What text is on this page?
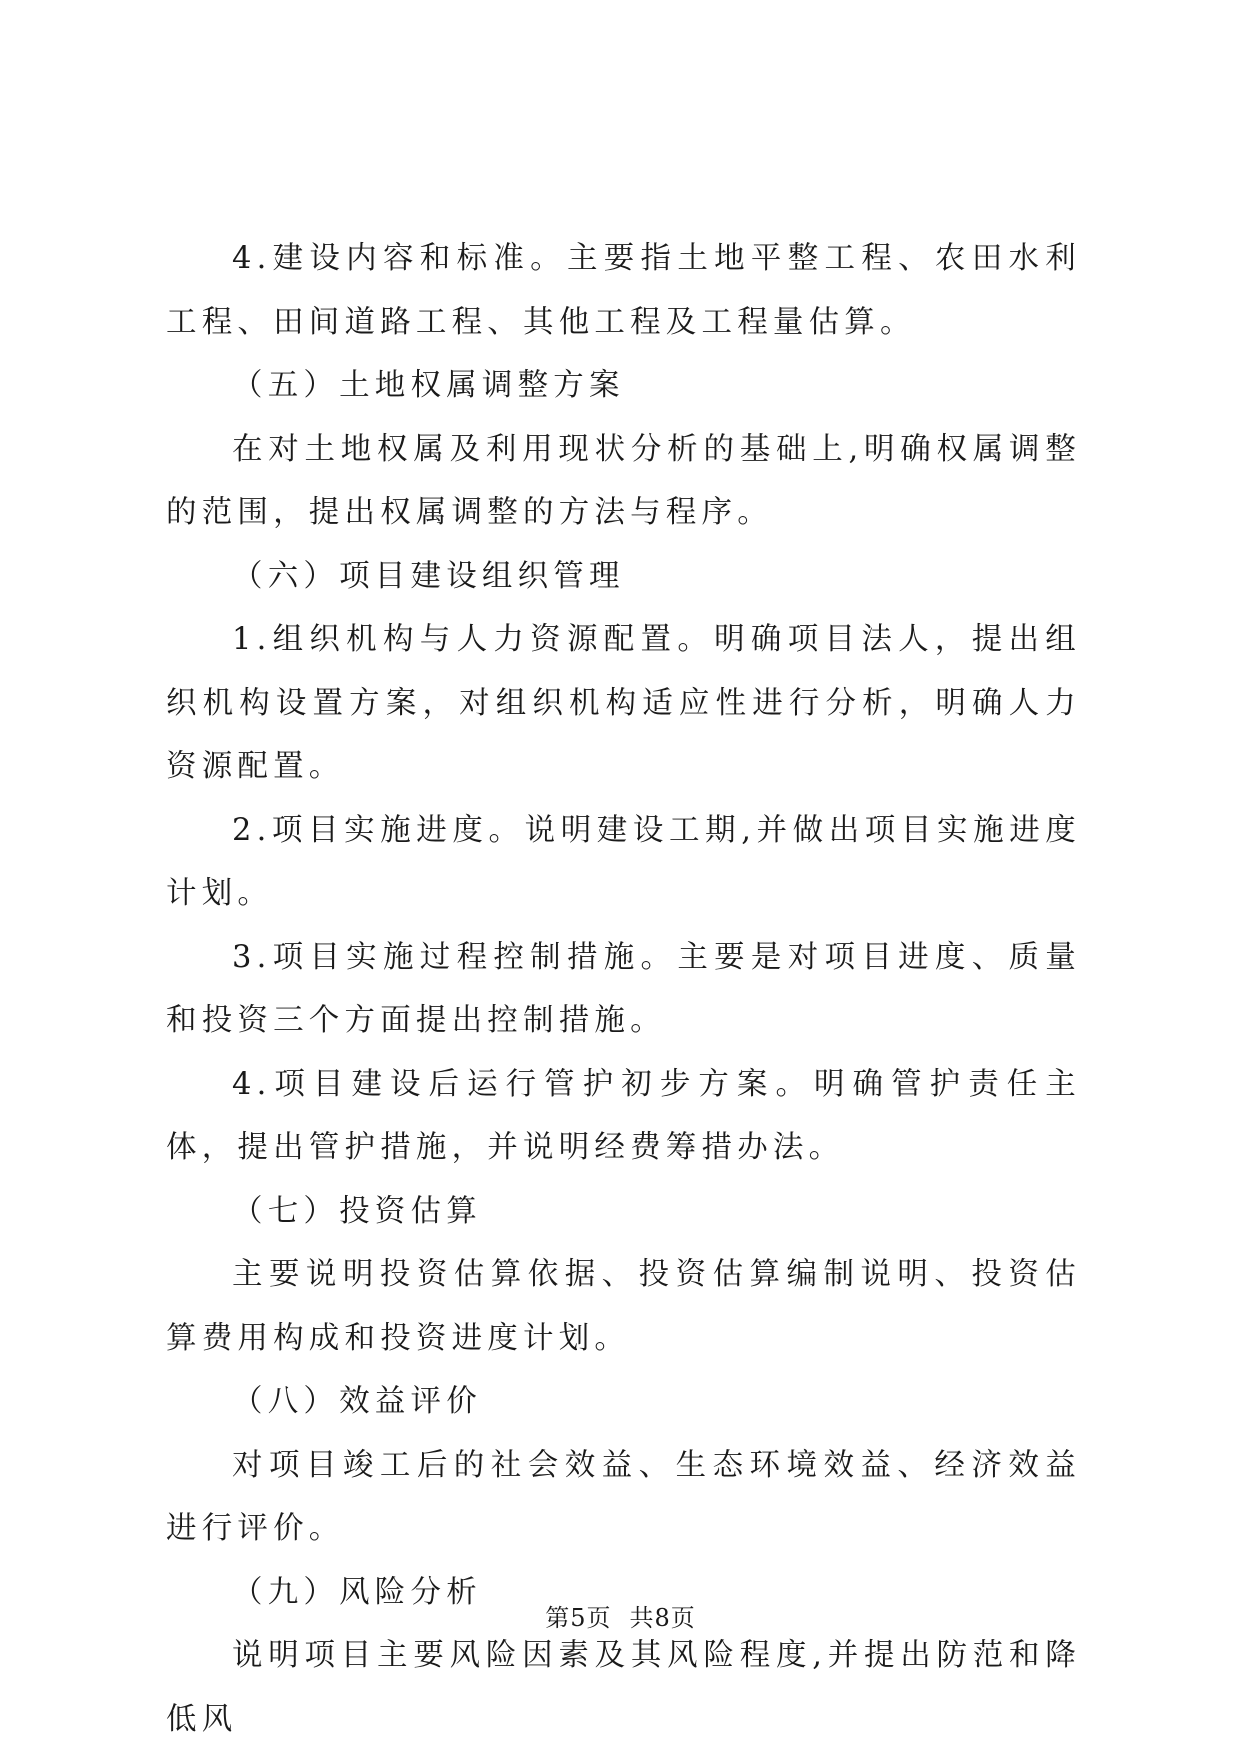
4.建设内容和标准。主要指土地平整工程、农田水利工程、田间道路工程、其他工程及工程量估算。

（五）土地权属调整方案

在对土地权属及利用现状分析的基础上,明确权属调整的范围，提出权属调整的方法与程序。

（六）项目建设组织管理

1.组织机构与人力资源配置。明确项目法人，提出组织机构设置方案，对组织机构适应性进行分析，明确人力资源配置。

2.项目实施进度。说明建设工期,并做出项目实施进度计划。

3.项目实施过程控制措施。主要是对项目进度、质量和投资三个方面提出控制措施。

4.项目建设后运行管护初步方案。明确管护责任主体，提出管护措施，并说明经费筹措办法。

（七）投资估算

主要说明投资估算依据、投资估算编制说明、投资估算费用构成和投资进度计划。

（八）效益评价

对项目竣工后的社会效益、生态环境效益、经济效益进行评价。

（九）风险分析

说明项目主要风险因素及其风险程度,并提出防范和降低风

第5页 共8页
